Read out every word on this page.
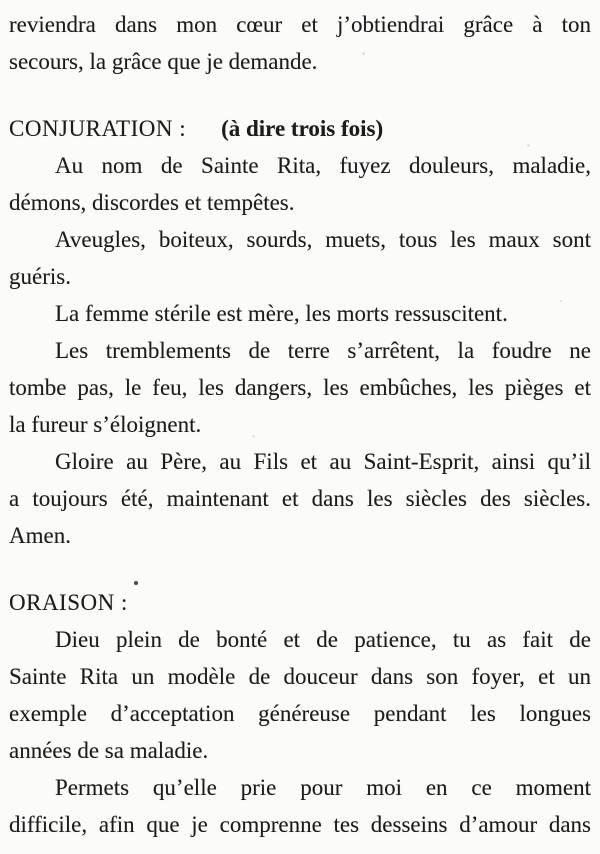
reviendra dans mon cœur et j’obtiendrai grâce à ton
secours, la grâce que je demande.
CONJURATION : (à dire trois fois)
Au nom de Sainte Rita, fuyez douleurs, maladie,
démons, discordes et tempêtes.
Aveugles, boiteux, sourds, muets, tous les maux sont
guéris.
La femme stérile est mère, les morts ressuscitent.
Les tremblements de terre s’arrêtent, la foudre ne
tombe pas, le feu, les dangers, les embûches, les pièges et
la fureur s’éloignent.
Gloire au Père, au Fils et au Saint-Esprit, ainsi qu’il
a toujours été, maintenant et dans les siècles des siècles.
Amen.
ORAISON :
Dieu plein de bonté et de patience, tu as fait de
Sainte Rita un modèle de douceur dans son foyer, et un
exemple d’acceptation généreuse pendant les longues
années de sa maladie.
Permets qu’elle prie pour moi en ce moment
difficile, afin que je comprenne tes desseins d’amour dans
